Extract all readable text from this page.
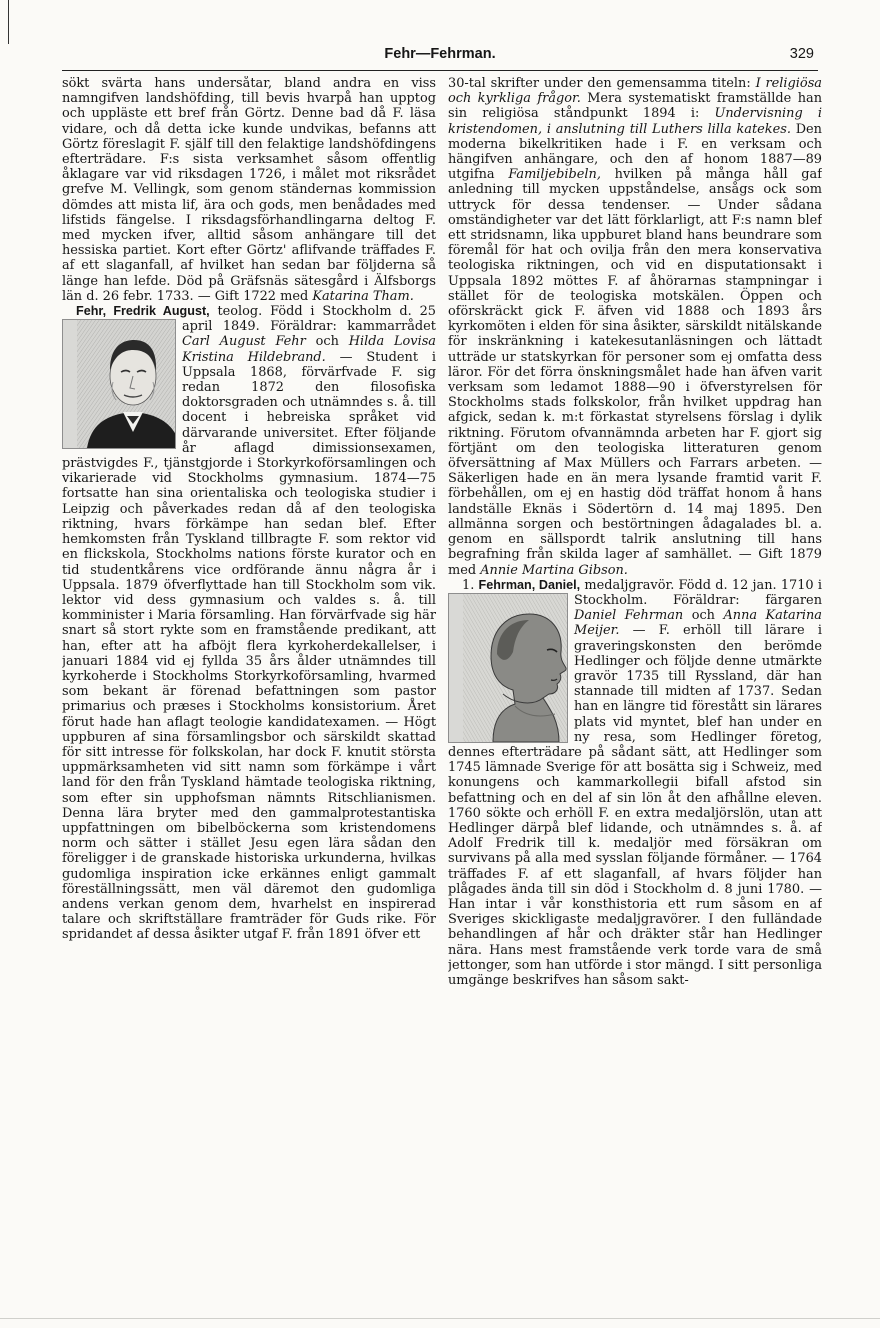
Fehr—Fehrman.	329

sökt svärta hans undersåtar, bland andra en viss namngifven landshöfding, till bevis hvarpå han upptog och uppläste ett bref från Görtz. Denne bad då F. läsa vidare, och då detta icke kunde undvikas, befanns att Görtz föreslagit F. själf till den felaktige landshöfdingens efterträdare. F:s sista verksamhet såsom offentlig åklagare var vid riksdagen 1726, i målet mot riksrådet grefve M. Vellingk, som genom ständernas kommission dömdes att mista lif, ära och gods, men benådades med lifstids fängelse. I riksdagsförhandlingarna deltog F. med mycken ifver, alltid såsom anhängare till det hessiska partiet. Kort efter Görtz' aflifvande träffades F. af ett slaganfall, af hvilket han sedan bar följderna så länge han lefde. Död på Gräfsnäs sätesgård i Älfsborgs län d. 26 febr. 1733. — Gift 1722 med Katarina Tham.

Fehr, Fredrik August, teolog. Född i Stockholm d. 25 april 1849. Föräldrar: kammarrådet
Carl August Fehr och Hilda Lovisa Kristina Hildebrand. — Student i Uppsala 1868, förvärfvade F. sig redan 1872 den filosofiska doktorsgraden och utnämndes s. å. till docent i hebreiska språket vid därvarande universitet. Efter följande år aflagd dimissionsexamen, prästvigdes F., tjänstgjorde i Storkyrkoförsamlingen och vikarierade vid Stockholms gymnasium. 1874—75 fortsatte han sina orientaliska och teologiska studier i Leipzig och påverkades redan då af den teologiska riktning, hvars förkämpe han sedan blef. Efter hemkomsten från Tyskland tillbragte F. som rektor vid en flickskola, Stockholms nations förste kurator och en tid studentkårens vice ordförande ännu några år i Uppsala. 1879 öfverflyttade han till Stockholm som vik. lektor vid dess gymnasium och valdes s. å. till komminister i Maria församling. Han förvärfvade sig här snart så stort rykte som en framstående predikant, att han, efter att ha afböjt flera kyrkoherdekallelser, i januari 1884 vid ej fyllda 35 års ålder utnämndes till kyrkoherde i Stockholms Storkyrkoförsamling, hvarmed som bekant är förenad befattningen som pastor primarius och præses i Stockholms konsistorium. Året förut hade han aflagt teologie kandidatexamen. — Högt uppburen af sina församlingsbor och särskildt skattad för sitt intresse för folkskolan, har dock F. knutit största uppmärksamheten vid sitt namn som förkämpe i vårt land för den från Tyskland hämtade teologiska riktning, som efter sin upphofsman nämnts Ritschlianismen. Denna lära bryter med den gammalprotestantiska uppfattningen om bibelböckerna som kristendomens norm och sätter i stället Jesu egen lära sådan den föreligger i de granskade historiska urkunderna, hvilkas gudomliga inspiration icke erkännes enligt gammalt föreställningssätt, men väl däremot den gudomliga andens verkan genom dem, hvarhelst en inspirerad talare och skriftställare framträder för Guds rike. För spridandet af dessa åsikter utgaf F. från 1891 öfver ett

30-tal skrifter under den gemensamma titeln: I religiösa och kyrkliga frågor. Mera systematiskt framställde han sin religiösa ståndpunkt 1894 i: Undervisning i kristendomen, i anslutning till Luthers lilla katekes. Den moderna bikelkritiken hade i F. en verksam och hängifven anhängare, och den af honom 1887—89 utgifna Familjebibeln, hvilken på många håll gaf anledning till mycken uppståndelse, ansågs ock som uttryck för dessa tendenser. — Under sådana omständigheter var det lätt förklarligt, att F:s namn blef ett stridsnamn, lika uppburet bland hans beundrare som föremål för hat och ovilja från den mera konservativa teologiska riktningen, och vid en disputationsakt i Uppsala 1892 möttes F. af åhörarnas stampningar i stället för de teologiska motskälen. Öppen och oförskräckt gick F. äfven vid 1888 och 1893 års kyrkomöten i elden för sina åsikter, särskildt nitälskande för inskränkning i katekesutanläsningen och lättadt utträde ur statskyrkan för personer som ej omfatta dess läror. För det förra önskningsmålet hade han äfven varit verksam som ledamot 1888—90 i öfverstyrelsen för Stockholms stads folkskolor, från hvilket uppdrag han afgick, sedan k. m:t förkastat styrelsens förslag i dylik riktning. Förutom ofvannämnda arbeten har F. gjort sig förtjänt om den teologiska litteraturen genom öfversättning af Max Müllers och Farrars arbeten. — Säkerligen hade en än mera lysande framtid varit F. förbehållen, om ej en hastig död träffat honom å hans landställe Eknäs i Södertörn d. 14 maj 1895. Den allmänna sorgen och bestörtningen ådagalades bl. a. genom en sällspordt talrik anslutning till hans begrafning från skilda lager af samhället. — Gift 1879 med Annie Martina Gibson.

1. Fehrman, Daniel, medaljgravör. Född d. 12 jan. 1710 i Stockholm. Föräldrar: färgaren
Daniel Fehrman och Anna Katarina Meijer. — F. erhöll till lärare i graveringskonsten den berömde Hedlinger och följde denne utmärkte gravör 1735 till Ryssland, där han stannade till midten af 1737. Sedan han en längre tid förestått sin lärares plats vid myntet, blef han under en ny resa, som Hedlinger företog, dennes efterträdare på sådant sätt, att Hedlinger som 1745 lämnade Sverige för att bosätta sig i Schweiz, med konungens och kammarkollegii bifall afstod sin befattning och en del af sin lön åt den afhållne eleven. 1760 sökte och erhöll F. en extra medaljörslön, utan att Hedlinger därpå blef lidande, och utnämndes s. å. af Adolf Fredrik till k. medaljör med försäkran om survivans på alla med sysslan följande förmåner. — 1764 träffades F. af ett slaganfall, af hvars följder han plågades ända till sin död i Stockholm d. 8 juni 1780. — Han intar i vår konsthistoria ett rum såsom en af Sveriges skickligaste medaljgravörer. I den fulländade behandlingen af hår och dräkter står han Hedlinger nära. Hans mest framstående verk torde vara de små jettonger, som han utförde i stor mängd. I sitt personliga umgänge beskrifves han såsom sakt-
